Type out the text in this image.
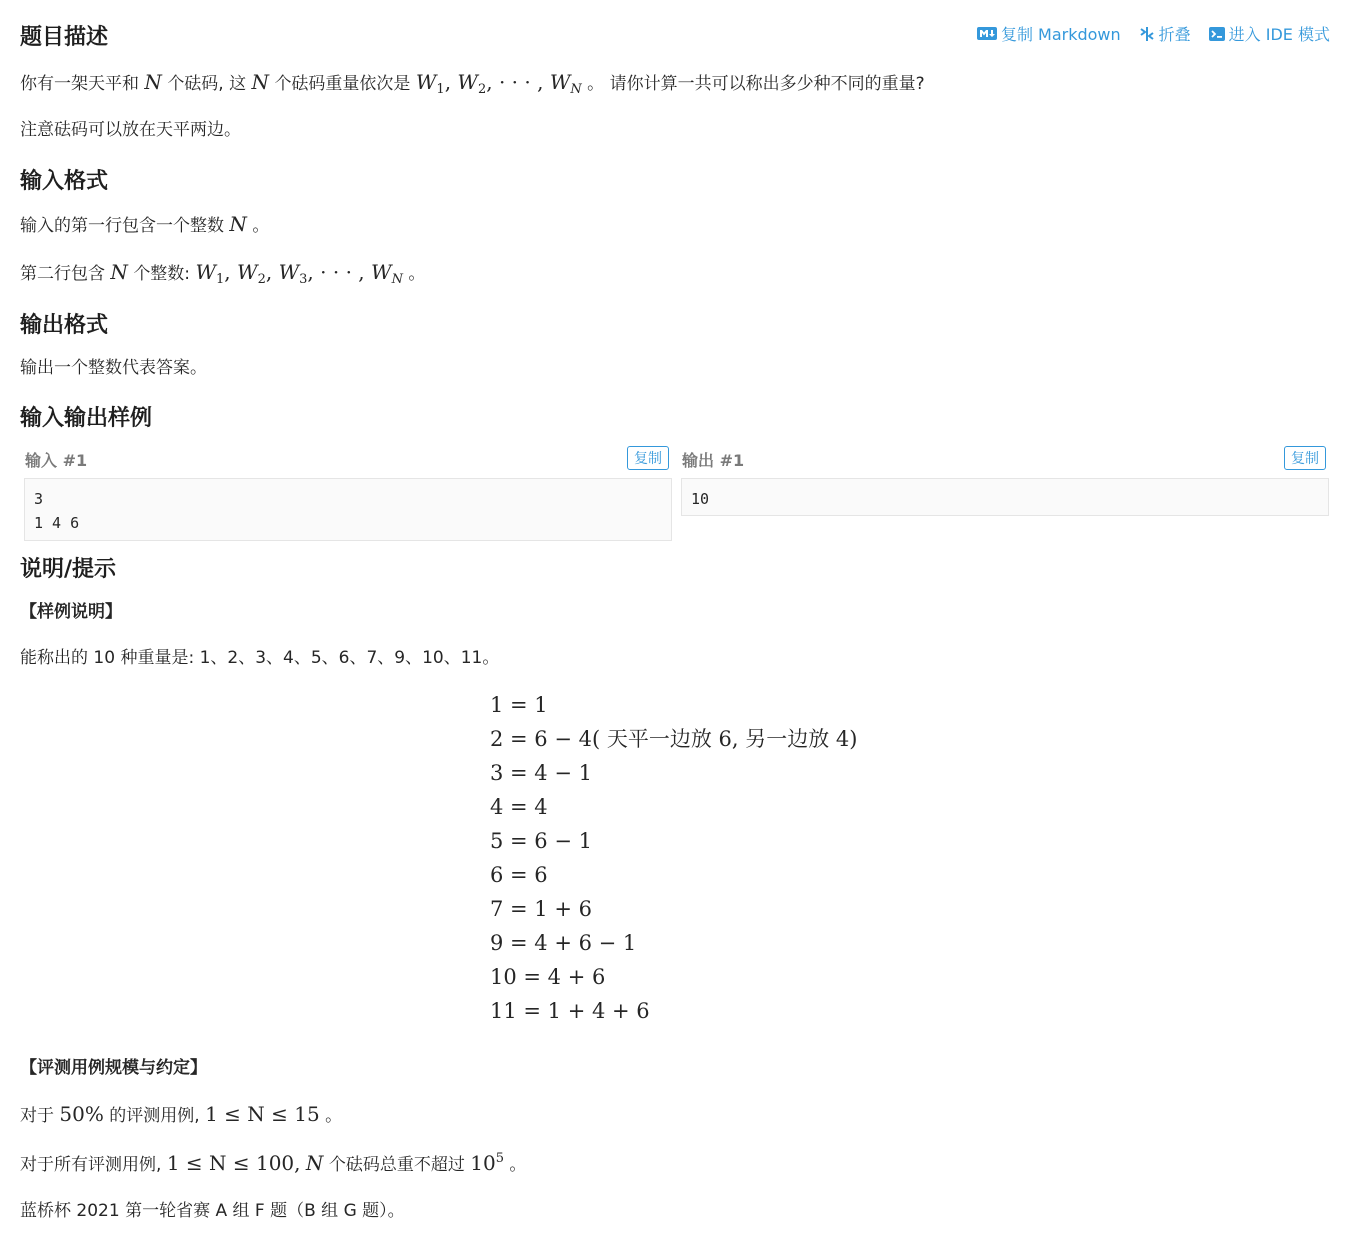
复制 Markdown 折叠 进入 IDE 模式
题目描述

你有一架天平和 N 个砝码, 这 N 个砝码重量依次是 $W_1$, $W_2$, · · · , $W_N$ 。 请你计算一共可以称出多少种不同的重量?

注意砝码可以放在天平两边。

输入格式

输入的第一行包含一个整数 N 。

第二行包含 N 个整数: $W_1$, $W_2$, $W_3$, · · · , $W_N$ 。

输出格式

输出一个整数代表答案。

输入输出样例
输入 #1	复制
3
1 4 6
输出 #1	复制
10
说明/提示

【样例说明】

能称出的 10 种重量是: 1、2、3、4、5、6、7、9、10、11。

1 = 1
2 = 6 − 4( 天平一边放 6, 另一边放 4)
3 = 4 − 1
4 = 4
5 = 6 − 1
6 = 6
7 = 1 + 6
9 = 4 + 6 − 1
10 = 4 + 6
11 = 1 + 4 + 6

【评测用例规模与约定】

对于 50% 的评测用例, 1 ≤ N ≤ 15 。

对于所有评测用例, 1 ≤ N ≤ 100, N 个砝码总重不超过 $10^5$ 。

蓝桥杯 2021 第一轮省赛 A 组 F 题（B 组 G 题）。
